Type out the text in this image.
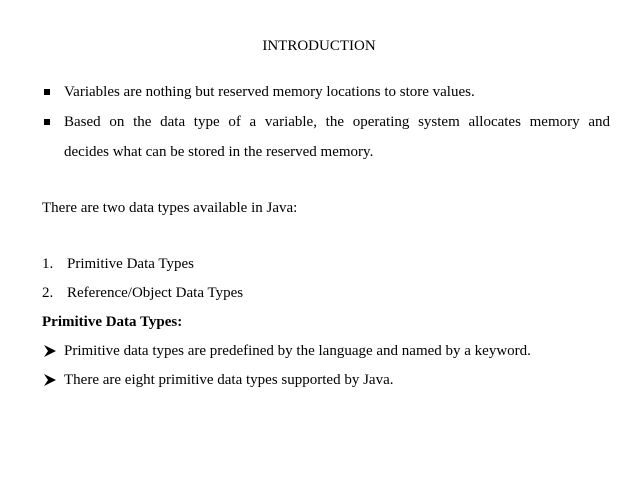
INTRODUCTION
Variables are nothing but reserved memory locations to store values.
Based on the data type of a variable, the operating system allocates memory and
decides what can be stored in the reserved memory.
There are two data types available in Java:
1. Primitive Data Types
2. Reference/Object Data Types
Primitive Data Types:
Primitive data types are predefined by the language and named by a keyword.
There are eight primitive data types supported by Java.
